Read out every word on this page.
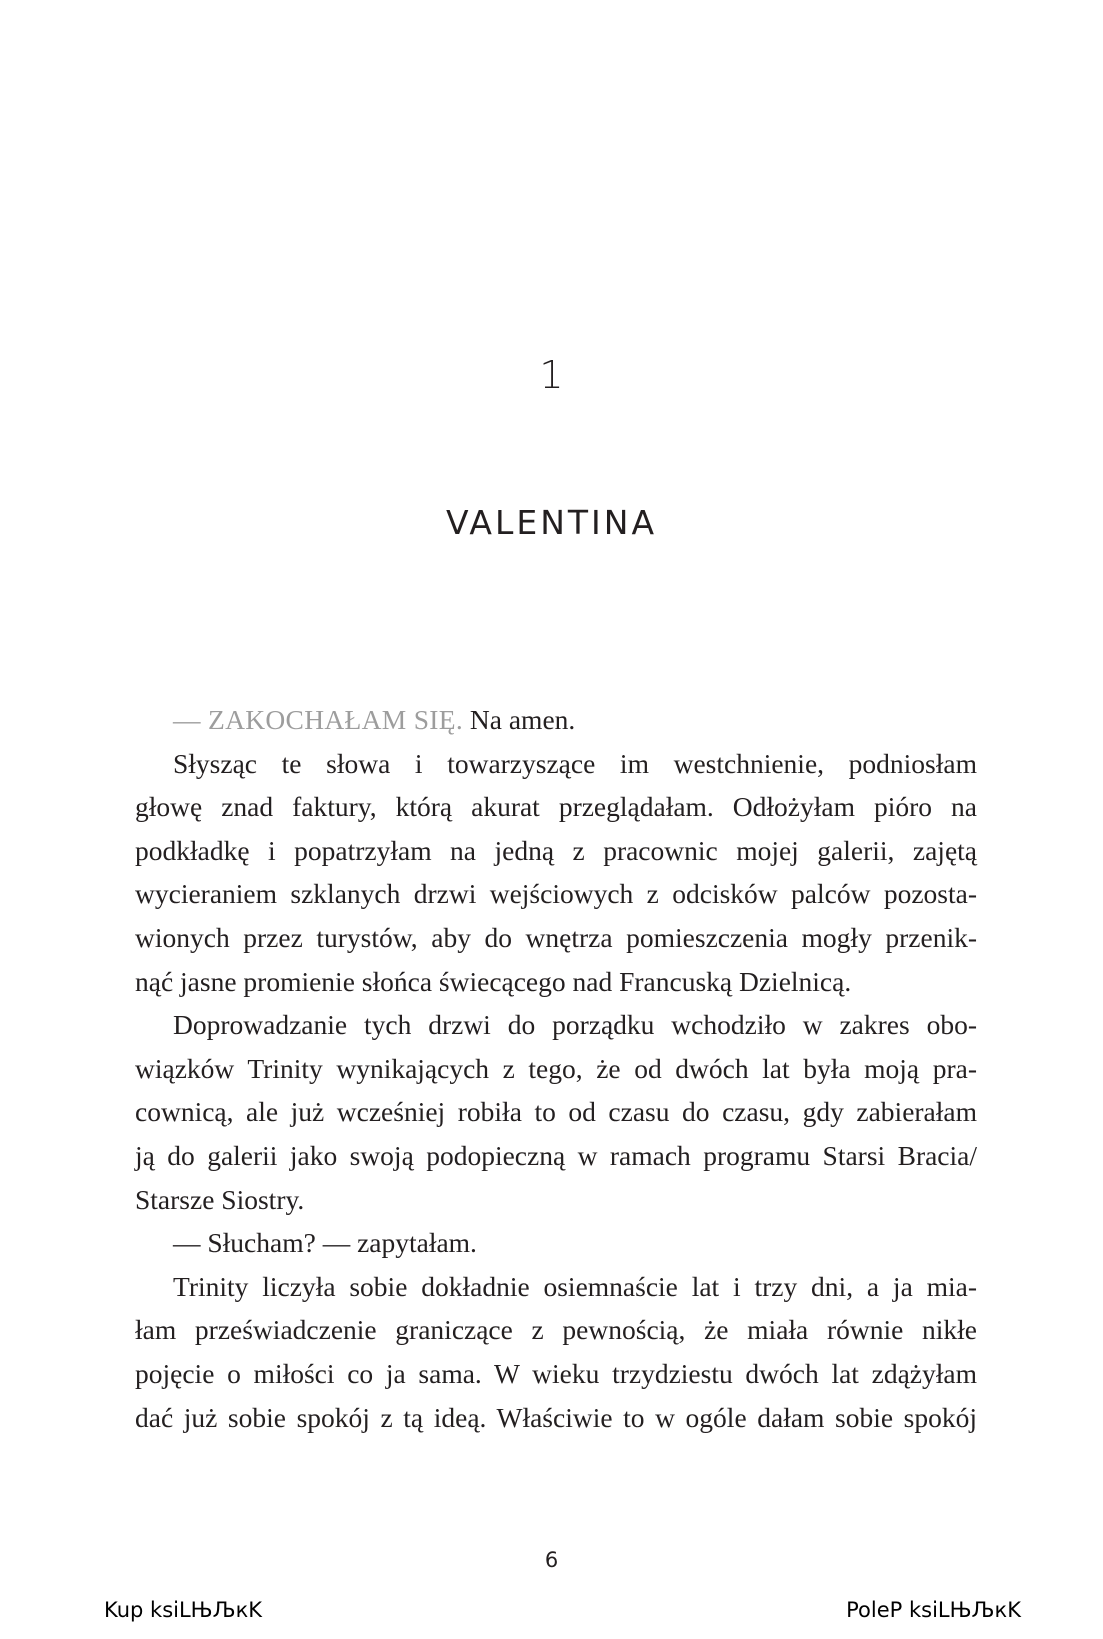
1
VALENTINA
— ZAKOCHAŁAM SIĘ. Na amen.
Słysząc te słowa i towarzyszące im westchnienie, podniosłam
głowę znad faktury, którą akurat przeglądałam. Odłożyłam pióro na
podkładkę i popatrzyłam na jedną z pracownic mojej galerii, zajętą
wycieraniem szklanych drzwi wejściowych z odcisków palców pozosta-
wionych przez turystów, aby do wnętrza pomieszczenia mogły przenik-
nąć jasne promienie słońca świecącego nad Francuską Dzielnicą.
Doprowadzanie tych drzwi do porządku wchodziło w zakres obo-
wiązków Trinity wynikających z tego, że od dwóch lat była moją pra-
cownicą, ale już wcześniej robiła to od czasu do czasu, gdy zabierałam
ją do galerii jako swoją podopieczną w ramach programu Starsi Bracia/
Starsze Siostry.
— Słucham? — zapytałam.
Trinity liczyła sobie dokładnie osiemnaście lat i trzy dni, a ja mia-
łam przeświadczenie graniczące z pewnością, że miała równie nikłe
pojęcie o miłości co ja sama. W wieku trzydziestu dwóch lat zdążyłam
dać już sobie spokój z tą ideą. Właściwie to w ogóle dałam sobie spokój
6
Kup ksiLЊЉкK	PoleP ksiLЊЉкK
